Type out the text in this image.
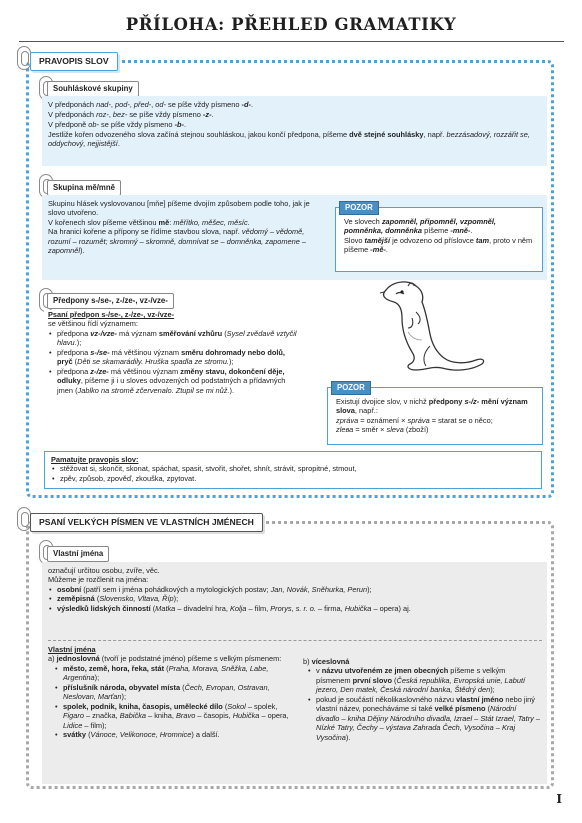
PŘÍLOHA: PŘEHLED GRAMATIKY
PRAVOPIS SLOV
Souhláskové skupiny
V předponách nad-, pod-, před-, od- se píše vždy písmeno -d-.
V předponách roz-, bez- se píše vždy písmeno -z-.
V předponě ob- se píše vždy písmeno -b-.
Jestliže kořen odvozeného slova začíná stejnou souhláskou, jakou končí předpona, píšeme dvě stejné souhlásky, např. bezzásadový, rozzářit se, oddychový, nejjistější.
Skupina mě/mně
Skupinu hlásek vyslovovanou [mňe] píšeme dvojím způsobem podle toho, jak je slovo utvořeno.
V kořenech slov píšeme většinou mě: měřítko, měšec, měsíc.
Na hranici kořene a přípony se řídíme stavbou slova, např. vědomý – vědomě, rozumí – rozumět; skromný – skromně, domnívat se – domněnka, zapomene – zapomněl).
Ve slovech zapomněl, připomněl, vzpomněl, pomněnka, domněnka píšeme -mně-.
Slovo tamější je odvozeno od příslovce tam, proto v něm píšeme -mě-.
POZOR
Předpony s-/se-, z-/ze-, vz-/vze-
Psaní předpon s-/se-, z-/ze-, vz-/vze-
se většinou řídí významem:
• předpona vz-/vze- má význam směřování vzhůru (Sysel zvědavě vztyčil hlavu.);
• předpona s-/se- má většinou význam směru dohromady nebo dolů, pryč (Děti se skamarádily. Hruška spadla ze stromu.);
• předpona z-/ze- má většinou význam změny stavu, dokončení děje, odluky, píšeme ji i u sloves odvozených od podstatných a přídavných jmen (Jablko na stromě zčervenalo. Ztupil se mi nůž.).
Existují dvojice slov, v nichž předpony s-/z- mění význam slova, např.:
zpráva = oznámení × správa = starat se o něco;
zlева = směr × sleva (zboží)
POZOR
Pamatujte pravopis slov:
• stěžovat si, skončit, skonat, spáchat, spasit, stvořit, shořet, shnít, strávit, spropitné, stmout,
• zpěv, způsob, zpověď, zkouška, zpytovat.
PSANÍ VELKÝCH PÍSMEN VE VLASTNÍCH JMÉNECH
Vlastní jména
označují určitou osobu, zvíře, věc.
Můžeme je rozčlenit na jména:
• osobní (patří sem i jména pohádkových a mytologických postav; Jan, Novák, Sněhurka, Perun);
• zeměpisná (Slovensko, Vltava, Říp);
• výsledků lidských činností (Matka – divadelní hra, Kolja – film, Prorys, s. r. o. – firma, Hubička – opera) aj.
Vlastní jména
a) jednoslovná (tvoří je podstatné jméno) píšeme s velkým písmenem:
• město, země, hora, řeka, stát (Praha, Morava, Sněžka, Labe, Argentina);
• příslušník národa, obyvatel místa (Čech, Evropan, Ostravan, Neslovan, Marťan);
• spolek, podnik, kniha, časopis, umělecké dílo (Sokol – spolek, Figaro – značka, Babička – kniha, Bravo – časopis, Hubička – opera, Lidice – film);
• svátky (Vánoce, Velikonoce, Hromnice) a další.
b) víceslovná
• v názvu utvořeném ze jmen obecných píšeme s velkým písmenem první slovo (Česká republika, Evropská unie, Labutí jezero, Den matek, Česká národní banka, Štědrý den);
• pokud je součástí několikaslovného názvu vlastní jméno nebo jiný vlastní název, ponecháváme si také velké písmeno (Národní divadlo – kniha Dějiny Národního divadla, Izrael – Stát Izrael, Tatry – Nízké Tatry, Čechy – výstava Zahrada Čech, Vysočina – Kraj Vysočina).
I
